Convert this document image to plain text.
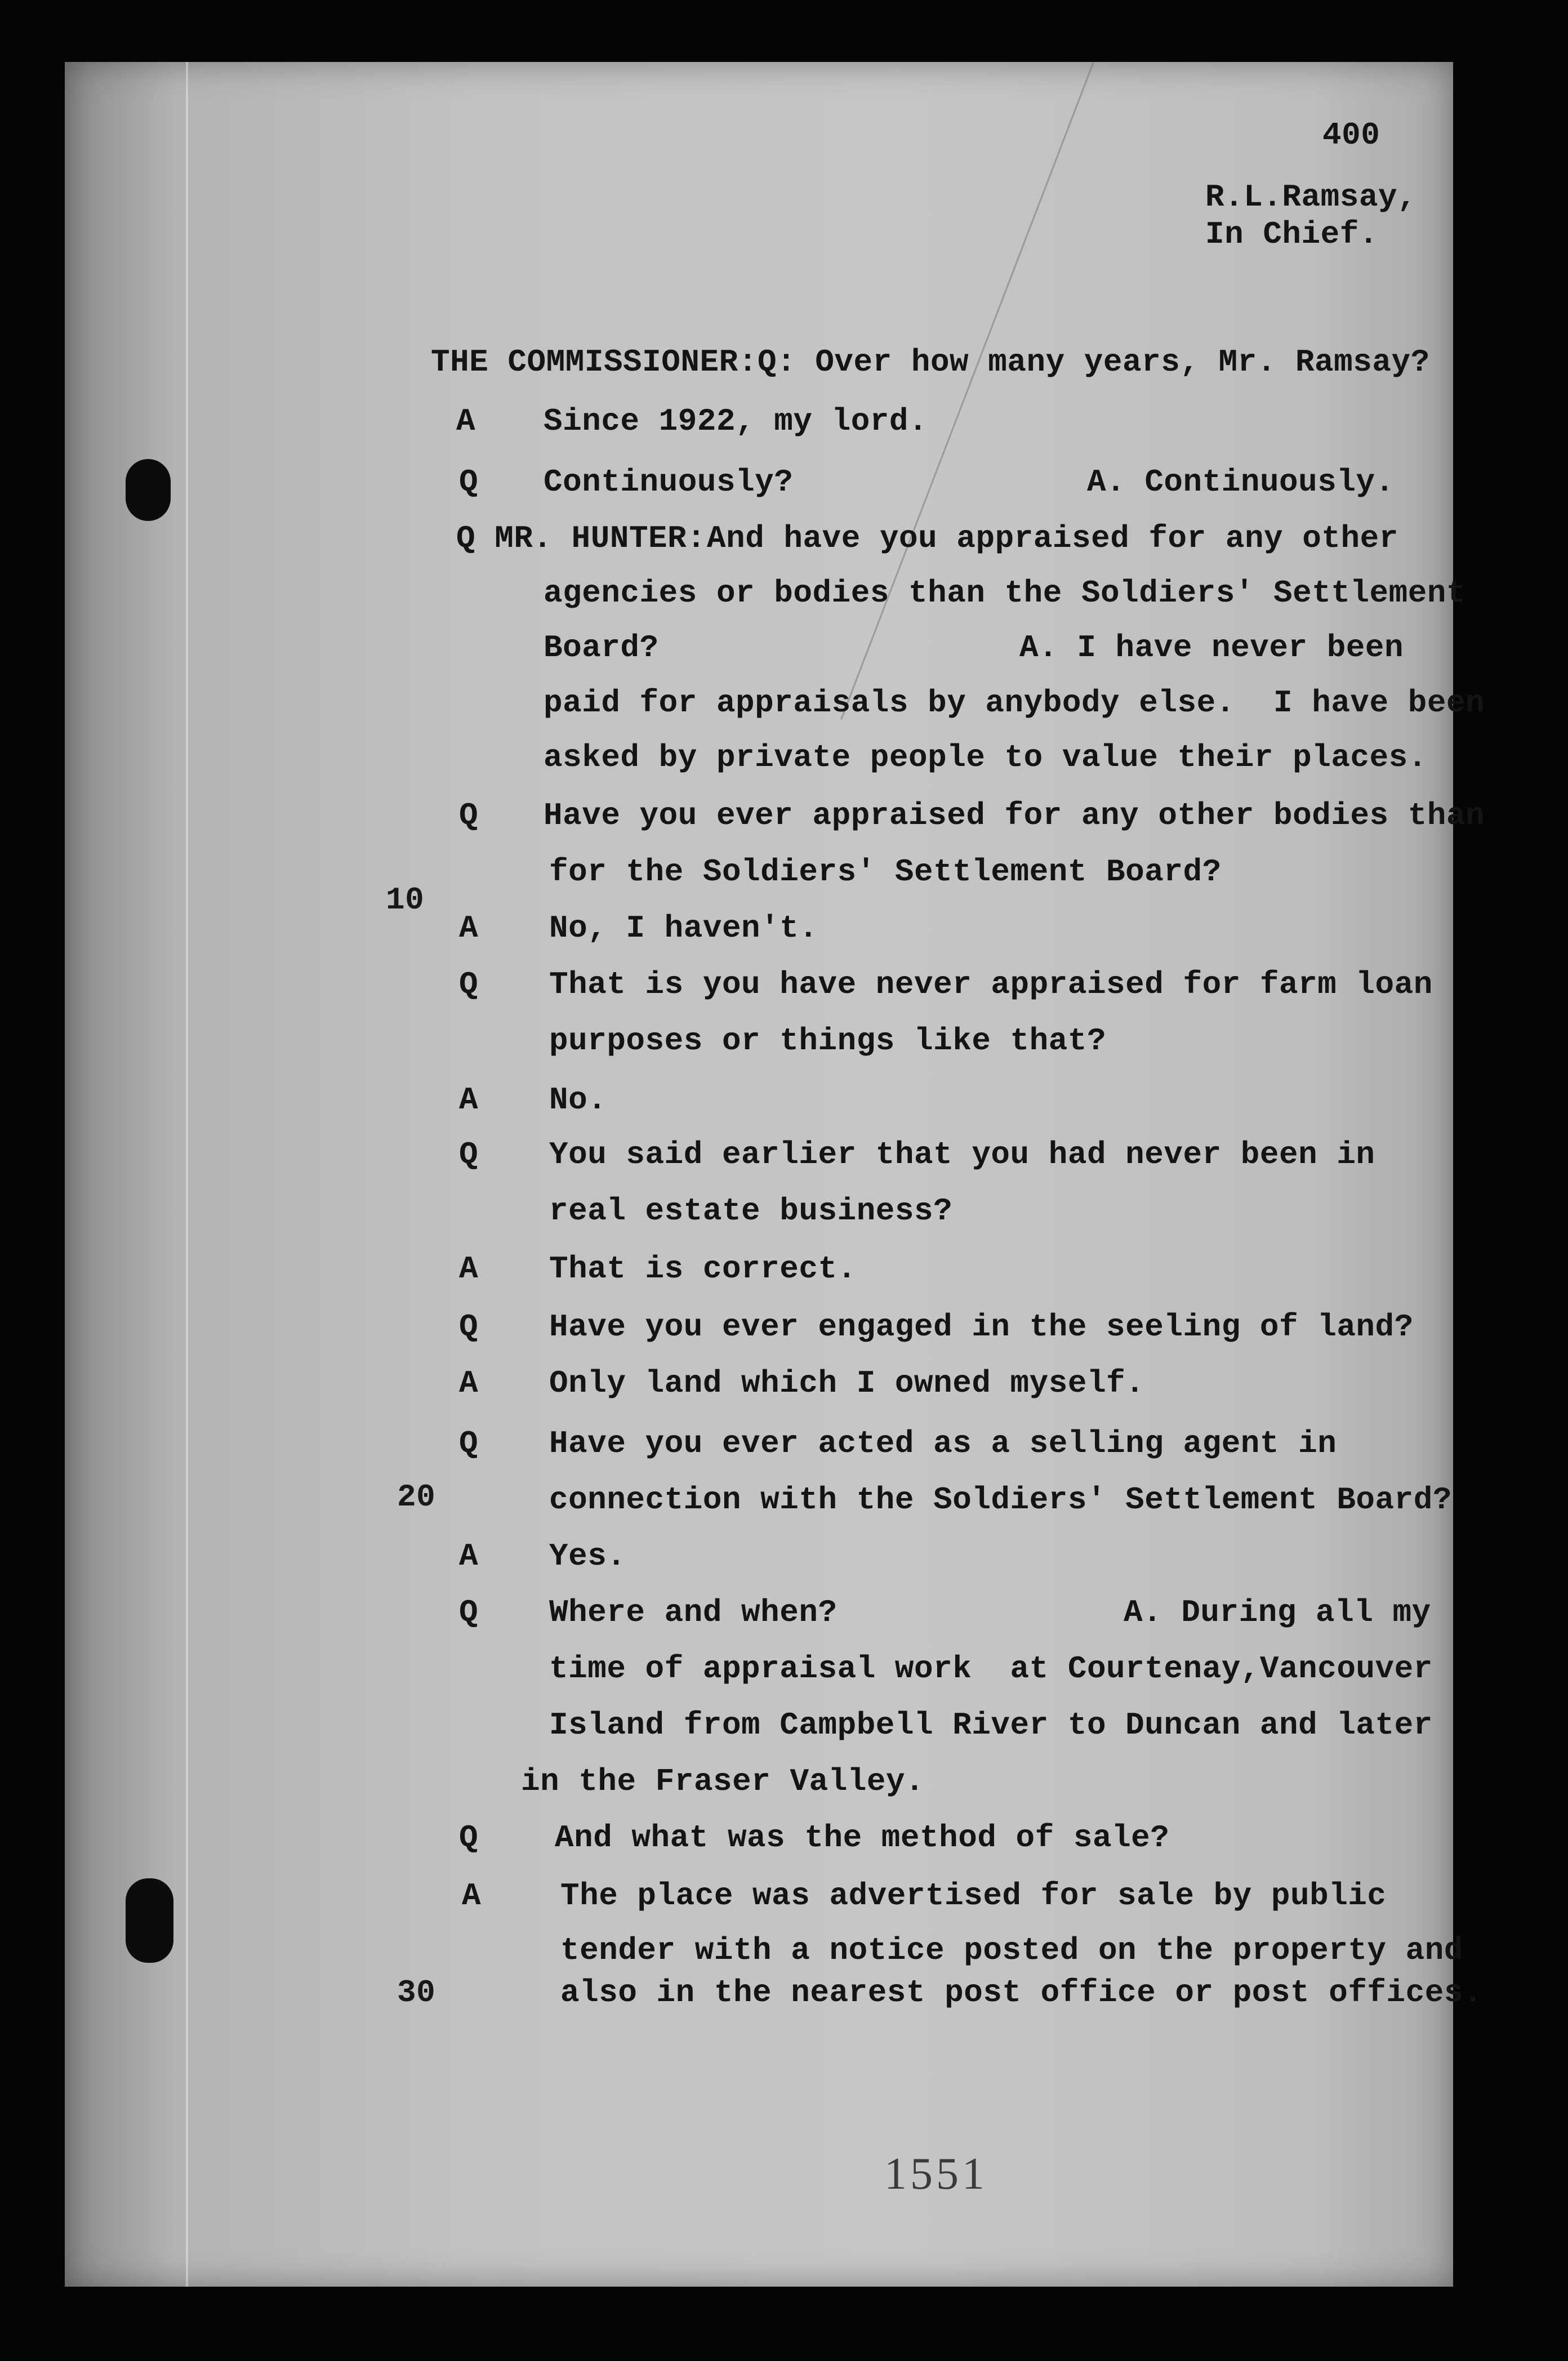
400
R.L.Ramsay,
In Chief.
10
20
30
THE COMMISSIONER: Q: Over how many years, Mr. Ramsay?
A Since 1922, my lord.
Q Continuously?	A. Continuously.
Q MR. HUNTER: And have you appraised for any other
agencies or bodies than the Soldiers' Settlement
Board?	A. I have never been
paid for appraisals by anybody else.  I have been
asked by private people to value their places.
Q Have you ever appraised for any other bodies than
for the Soldiers' Settlement Board?
A No, I haven't.
Q That is you have never appraised for farm loan
purposes or things like that?
A No.
Q You said earlier that you had never been in
real estate business?
A That is correct.
Q Have you ever engaged in the seeling of land?
A Only land which I owned myself.
Q Have you ever acted as a selling agent in
connection with the Soldiers' Settlement Board?
A Yes.
Q Where and when?	A. During all my
time of appraisal work  at Courtenay,Vancouver
Island from Campbell River to Duncan and later
in the Fraser Valley.
Q And what was the method of sale?
A	The place was advertised for sale by public
tender with a notice posted on the property and
also in the nearest post office or post offices.
1551
